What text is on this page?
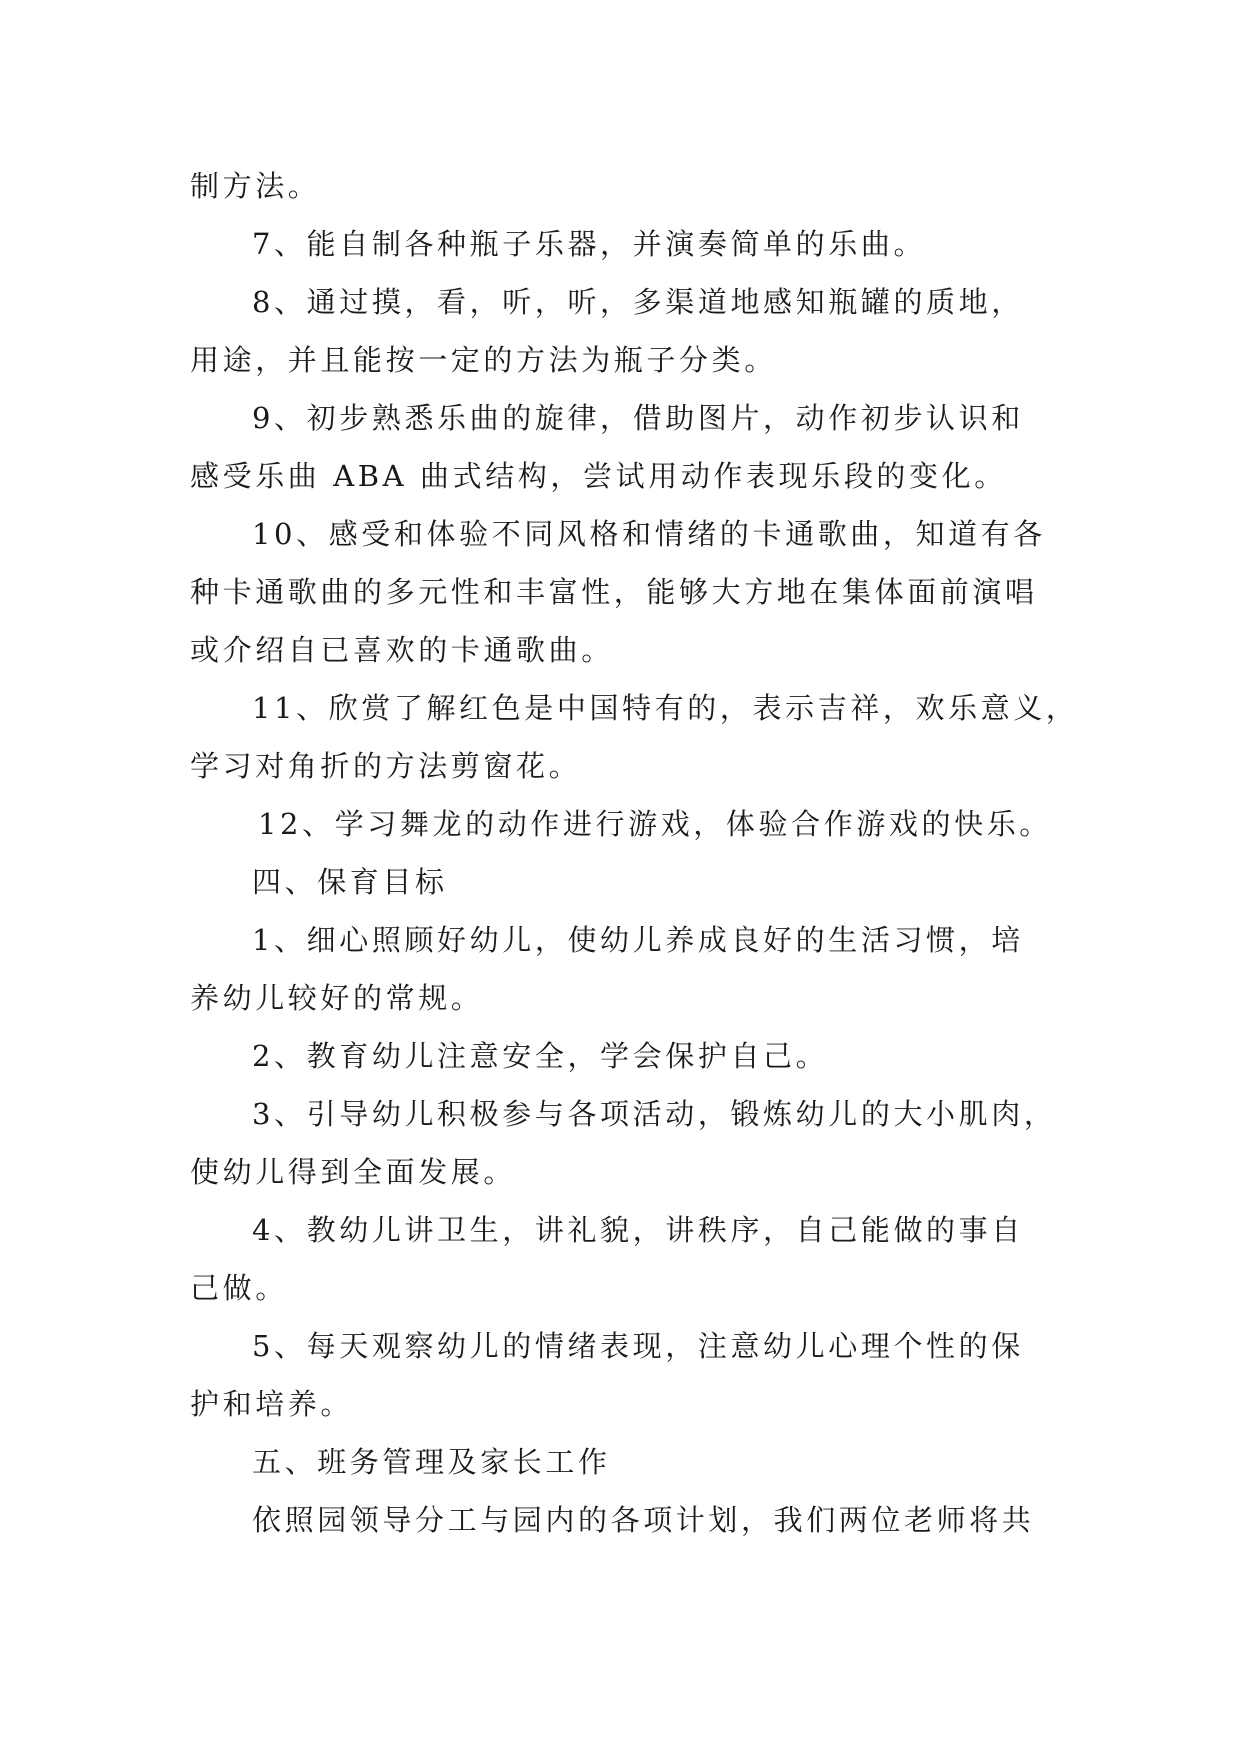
制方法。
7、能自制各种瓶子乐器，并演奏简单的乐曲。
8、通过摸，看，听，听，多渠道地感知瓶罐的质地，
用途，并且能按一定的方法为瓶子分类。
9、初步熟悉乐曲的旋律，借助图片，动作初步认识和
感受乐曲 ABA 曲式结构，尝试用动作表现乐段的变化。
10、感受和体验不同风格和情绪的卡通歌曲，知道有各
种卡通歌曲的多元性和丰富性，能够大方地在集体面前演唱
或介绍自已喜欢的卡通歌曲。
11、欣赏了解红色是中国特有的，表示吉祥，欢乐意义，
学习对角折的方法剪窗花。
12、学习舞龙的动作进行游戏，体验合作游戏的快乐。
四、保育目标
1、细心照顾好幼儿，使幼儿养成良好的生活习惯，培
养幼儿较好的常规。
2、教育幼儿注意安全，学会保护自己。
3、引导幼儿积极参与各项活动，锻炼幼儿的大小肌肉，
使幼儿得到全面发展。
4、教幼儿讲卫生，讲礼貌，讲秩序，自己能做的事自
己做。
5、每天观察幼儿的情绪表现，注意幼儿心理个性的保
护和培养。
五、班务管理及家长工作
依照园领导分工与园内的各项计划，我们两位老师将共
